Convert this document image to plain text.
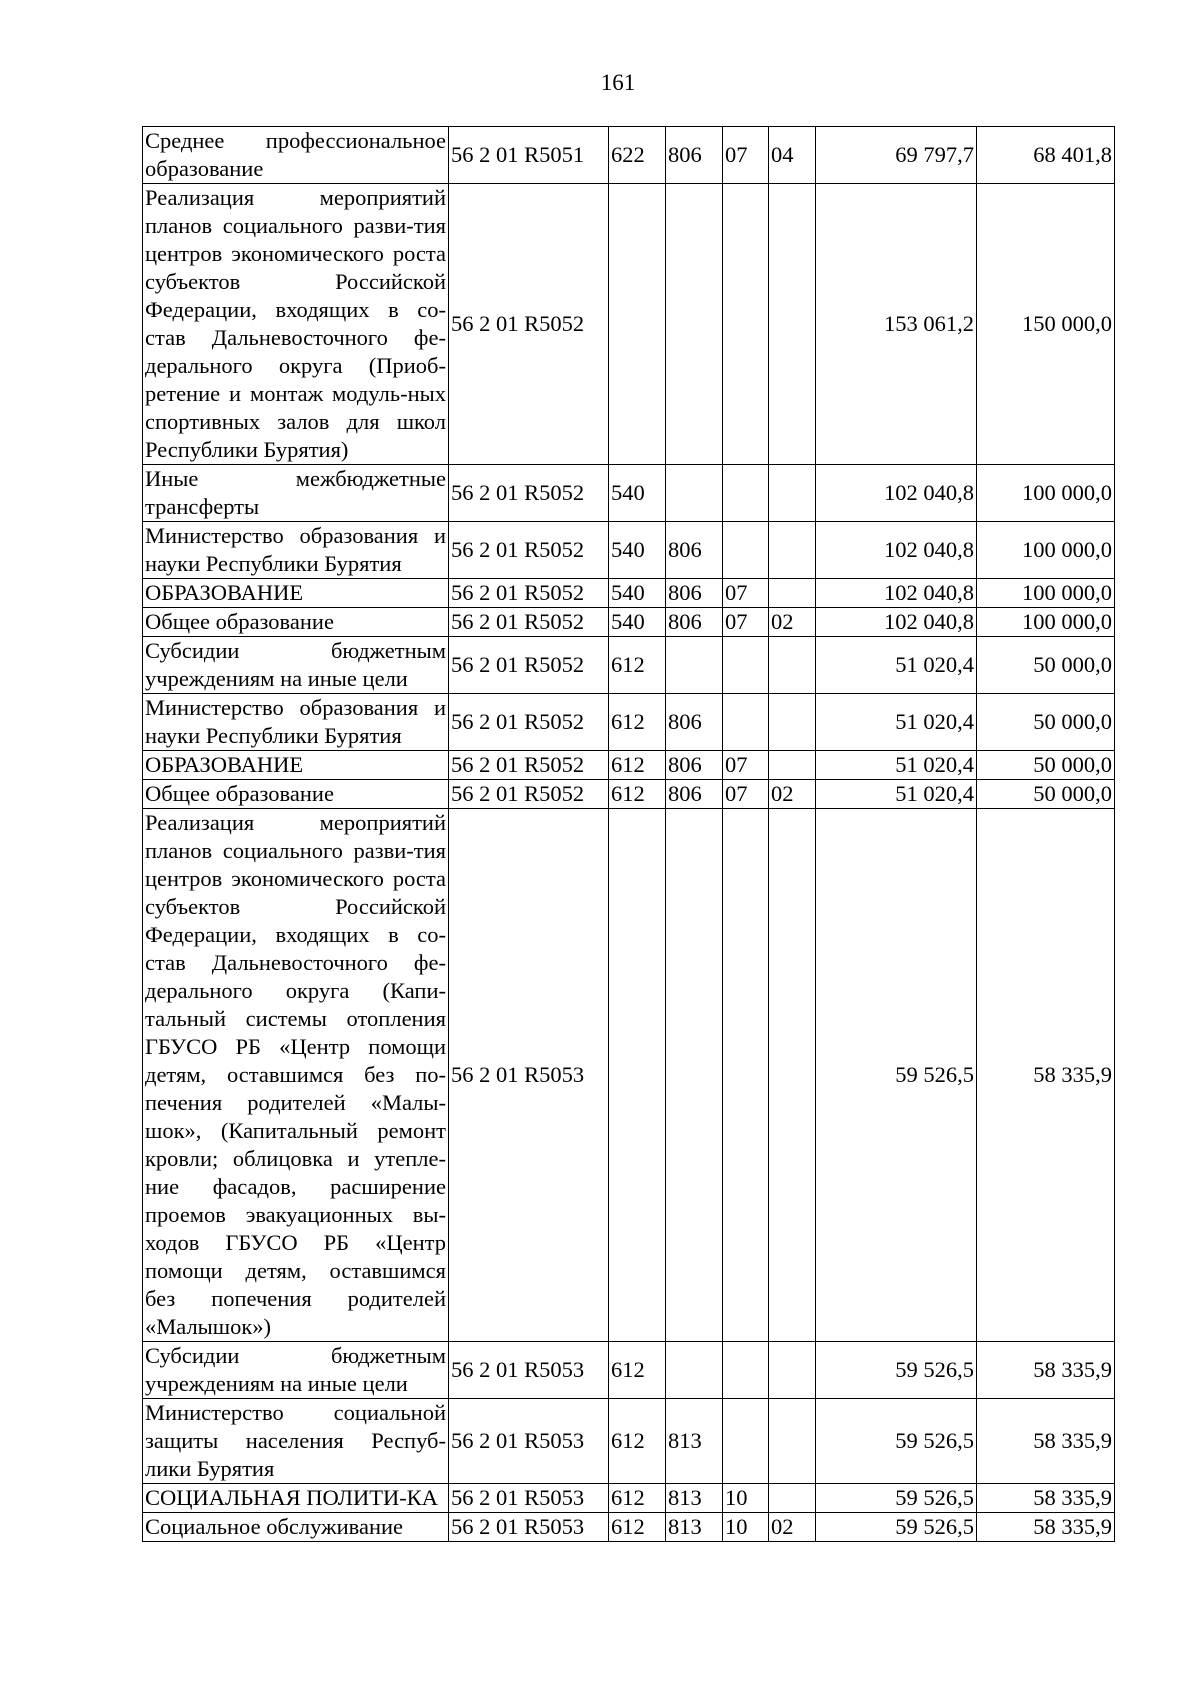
161
Среднее профессиональное образование	56 2 01 R5051	622	806	07	04	69 797,7	68 401,8
Реализация мероприятий планов социального разви-тия центров экономического роста субъектов Российской Федерации, входящих в со-став Дальневосточного фе-дерального округа (Приоб-ретение и монтаж модуль-ных спортивных залов для школ Республики Бурятия)	56 2 01 R5052					153 061,2	150 000,0
Иные межбюджетные трансферты	56 2 01 R5052	540				102 040,8	100 000,0
Министерство образования и науки Республики Бурятия	56 2 01 R5052	540	806			102 040,8	100 000,0
ОБРАЗОВАНИЕ	56 2 01 R5052	540	806	07		102 040,8	100 000,0
Общее образование	56 2 01 R5052	540	806	07	02	102 040,8	100 000,0
Субсидии бюджетным учреждениям на иные цели	56 2 01 R5052	612				51 020,4	50 000,0
Министерство образования и науки Республики Бурятия	56 2 01 R5052	612	806			51 020,4	50 000,0
ОБРАЗОВАНИЕ	56 2 01 R5052	612	806	07		51 020,4	50 000,0
Общее образование	56 2 01 R5052	612	806	07	02	51 020,4	50 000,0
Реализация мероприятий планов социального разви-тия центров экономического роста субъектов Российской Федерации, входящих в со-став Дальневосточного фе-дерального округа (Капи-тальный системы отопления ГБУСО РБ «Центр помощи детям, оставшимся без по-печения родителей «Малы-шок», (Капитальный ремонт кровли; облицовка и утепле-ние фасадов, расширение проемов эвакуационных вы-ходов ГБУСО РБ «Центр помощи детям, оставшимся без попечения родителей «Малышок»)	56 2 01 R5053					59 526,5	58 335,9
Субсидии бюджетным учреждениям на иные цели	56 2 01 R5053	612				59 526,5	58 335,9
Министерство социальной защиты населения Респуб-лики Бурятия	56 2 01 R5053	612	813			59 526,5	58 335,9
СОЦИАЛЬНАЯ ПОЛИТИ-КА	56 2 01 R5053	612	813	10		59 526,5	58 335,9
Социальное обслуживание	56 2 01 R5053	612	813	10	02	59 526,5	58 335,9
